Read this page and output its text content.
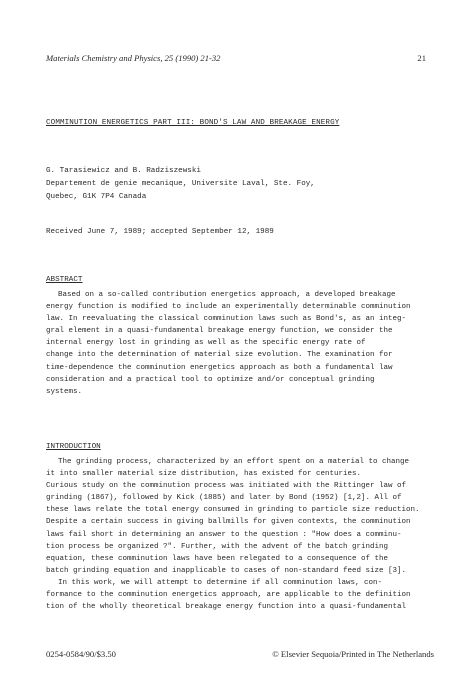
Materials Chemistry and Physics, 25 (1990) 21-32	21
COMMINUTION ENERGETICS PART III: BOND'S LAW AND BREAKAGE ENERGY
G. Tarasiewicz and B. Radziszewski
Departement de genie mecanique, Universite Laval, Ste. Foy,
Quebec, G1K 7P4 Canada
Received June 7, 1989; accepted September 12, 1989
ABSTRACT
Based on a so-called contribution energetics approach, a developed breakage
energy function is modified to include an experimentally determinable comminution
law. In reevaluating the classical comminution laws such as Bond's, as an integ-
gral element in a quasi-fundamental breakage energy function, we consider the
internal energy lost in grinding as well as the specific energy rate of
change into the determination of material size evolution. The examination for
time-dependence the comminution energetics approach as both a fundamental law
consideration and a practical tool to optimize and/or conceptual grinding
systems.
INTRODUCTION
The grinding process, characterized by an effort spent on a material to change
it into smaller material size distribution, has existed for centuries.
Curious study on the comminution process was initiated with the Rittinger law of
grinding (1867), followed by Kick (1885) and later by Bond (1952) [1,2]. All of
these laws relate the total energy consumed in grinding to particle size reduction.
Despite a certain success in giving ballmills for given contexts, the comminution
laws fail short in determining an answer to the question : "How does a comminu-
tion process be organized ?". Further, with the advent of the batch grinding
equation, these comminution laws have been relegated to a consequence of the
batch grinding equation and inapplicable to cases of non-standard feed size [3].
In this work, we will attempt to determine if all comminution laws, con-
formance to the comminution energetics approach, are applicable to the definition
tion of the wholly theoretical breakage energy function into a quasi-fundamental
0254-0584/90/$3.50	© Elsevier Sequoia/Printed in The Netherlands
